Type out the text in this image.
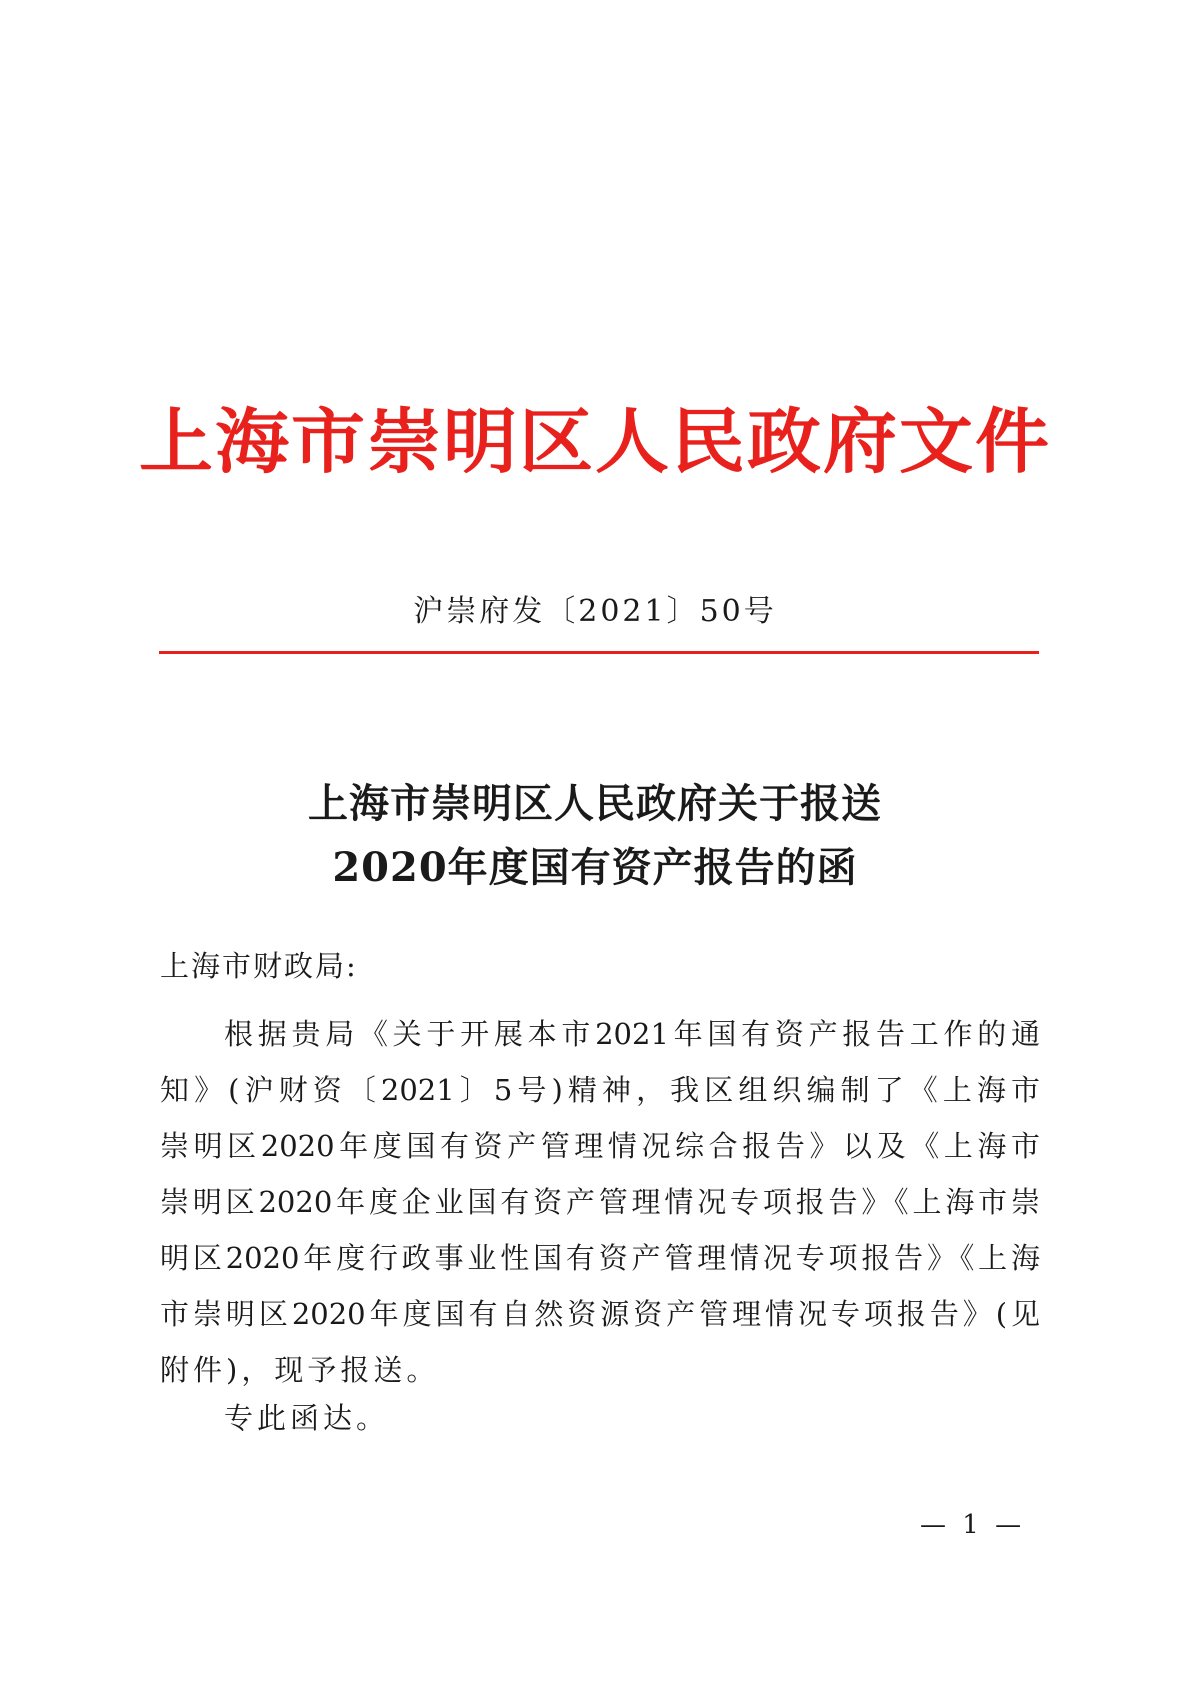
上海市崇明区人民政府文件
沪崇府发〔2021〕50号
上海市崇明区人民政府关于报送
2020年度国有资产报告的函
上海市财政局:
根据贵局《关于开展本市2021年国有资产报告工作的通
知》(沪财资〔2021〕5号)精神，我区组织编制了《上海市
崇明区2020年度国有资产管理情况综合报告》以及《上海市
崇明区2020年度企业国有资产管理情况专项报告》《上海市崇
明区2020年度行政事业性国有资产管理情况专项报告》《上海
市崇明区2020年度国有自然资源资产管理情况专项报告》(见
附件)，现予报送。
专此函达。
— 1 —
